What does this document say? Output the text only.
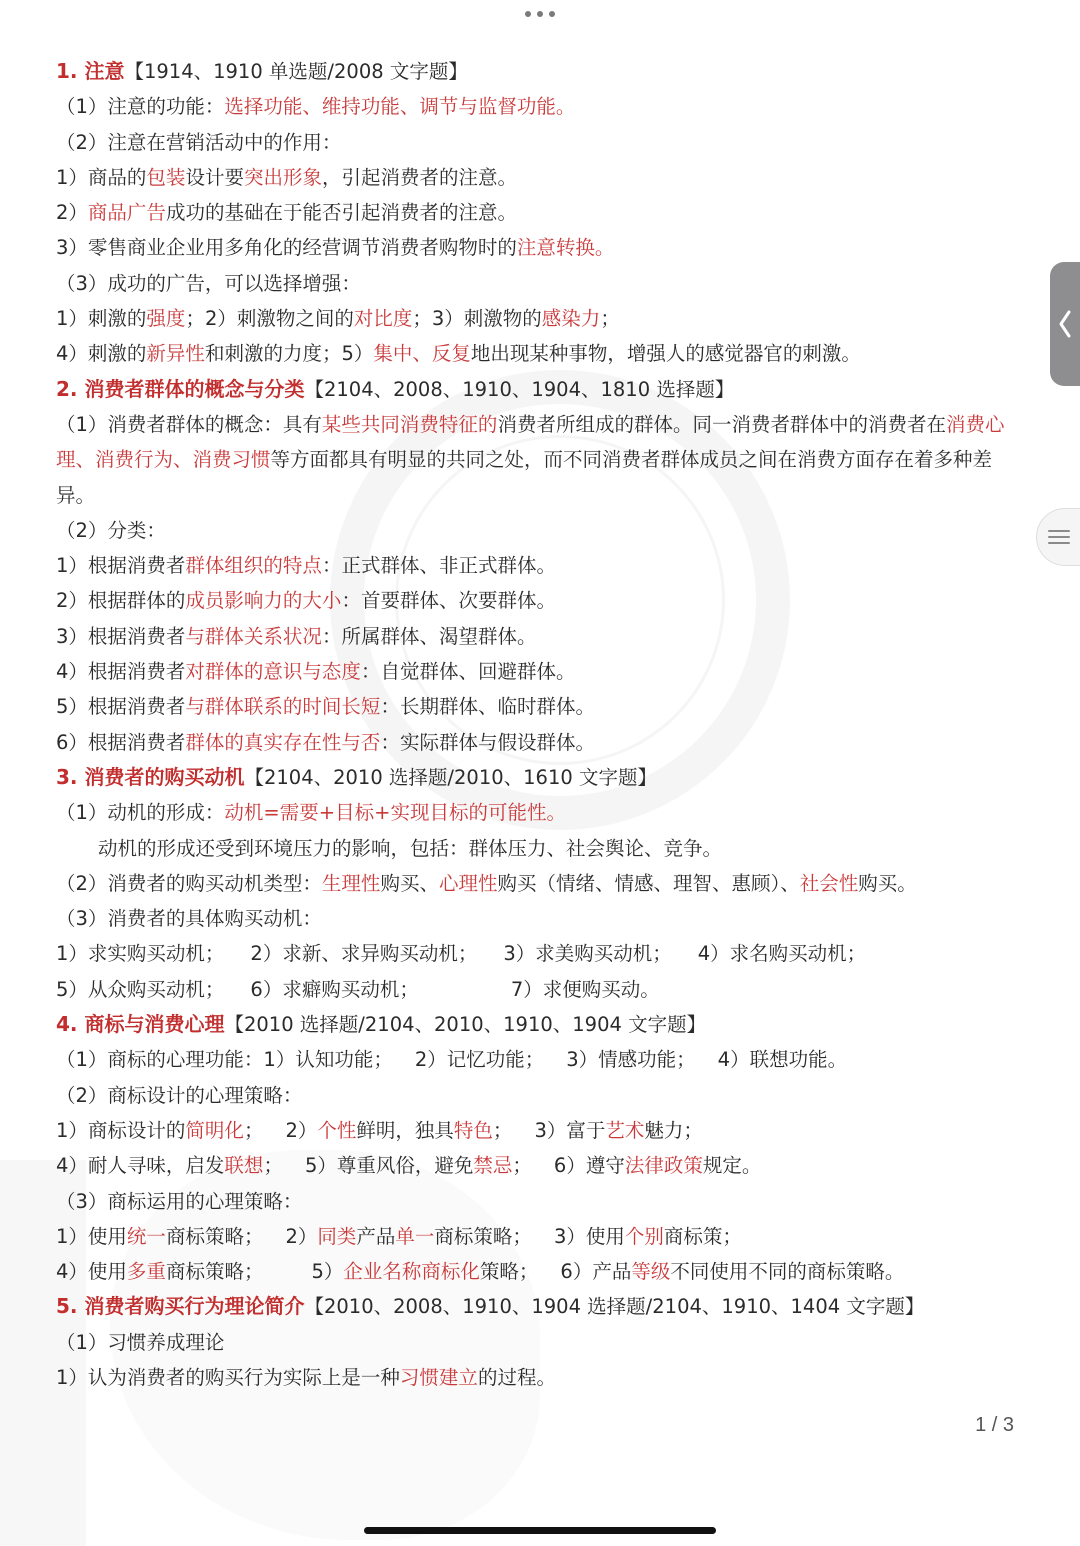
1. 注意【1914、1910 单选题/2008 文字题】
（1）注意的功能：选择功能、维持功能、调节与监督功能。
（2）注意在营销活动中的作用：
1）商品的包装设计要突出形象，引起消费者的注意。
2）商品广告成功的基础在于能否引起消费者的注意。
3）零售商业企业用多角化的经营调节消费者购物时的注意转换。
（3）成功的广告，可以选择增强：
1）刺激的强度；2）刺激物之间的对比度；3）刺激物的感染力；
4）刺激的新异性和刺激的力度；5）集中、反复地出现某种事物，增强人的感觉器官的刺激。
2. 消费者群体的概念与分类【2104、2008、1910、1904、1810 选择题】
（1）消费者群体的概念：具有某些共同消费特征的消费者所组成的群体。同一消费者群体中的消费者在消费心理、消费行为、消费习惯等方面都具有明显的共同之处，而不同消费者群体成员之间在消费方面存在着多种差异。
（2）分类：
1）根据消费者群体组织的特点：正式群体、非正式群体。
2）根据群体的成员影响力的大小：首要群体、次要群体。
3）根据消费者与群体关系状况：所属群体、渴望群体。
4）根据消费者对群体的意识与态度：自觉群体、回避群体。
5）根据消费者与群体联系的时间长短：长期群体、临时群体。
6）根据消费者群体的真实存在性与否：实际群体与假设群体。
3. 消费者的购买动机【2104、2010 选择题/2010、1610 文字题】
（1）动机的形成：动机=需要+目标+实现目标的可能性。
动机的形成还受到环境压力的影响，包括：群体压力、社会舆论、竞争。
（2）消费者的购买动机类型：生理性购买、心理性购买（情绪、情感、理智、惠顾）、社会性购买。
（3）消费者的具体购买动机：
1）求实购买动机； 2）求新、求异购买动机； 3）求美购买动机； 4）求名购买动机；
5）从众购买动机； 6）求癖购买动机；	7）求便购买动。
4. 商标与消费心理【2010 选择题/2104、2010、1910、1904 文字题】
（1）商标的心理功能：1）认知功能； 2）记忆功能； 3）情感功能； 4）联想功能。
（2）商标设计的心理策略：
1）商标设计的简明化； 2）个性鲜明，独具特色； 3）富于艺术魅力；
4）耐人寻味，启发联想； 5）尊重风俗，避免禁忌； 6）遵守法律政策规定。
（3）商标运用的心理策略：
1）使用统一商标策略； 2）同类产品单一商标策略； 3）使用个别商标策；
4）使用多重商标策略； 5）企业名称商标化策略； 6）产品等级不同使用不同的商标策略。
5. 消费者购买行为理论简介【2010、2008、1910、1904 选择题/2104、1910、1404 文字题】
（1）习惯养成理论
1）认为消费者的购买行为实际上是一种习惯建立的过程。
1 / 3
